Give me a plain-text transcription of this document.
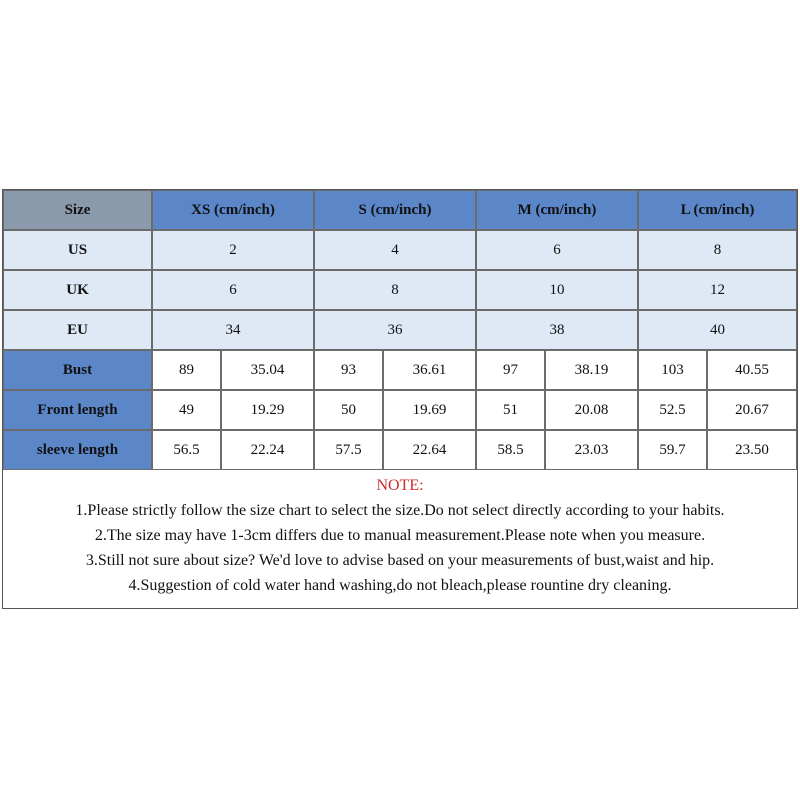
Size	XS (cm/inch)	S (cm/inch)	M (cm/inch)	L (cm/inch)
US	2	4	6	8
UK	6	8	10	12
EU	34	36	38	40
Bust	89	35.04	93	36.61	97	38.19	103	40.55
Front length	49	19.29	50	19.69	51	20.08	52.5	20.67
sleeve length	56.5	22.24	57.5	22.64	58.5	23.03	59.7	23.50
NOTE:
1.Please strictly follow the size chart to select the size.Do not select directly according to your habits.
2.The size may have 1-3cm differs due to manual measurement.Please note when you measure.
3.Still not sure about size? We'd love to advise based on your measurements of bust,waist and hip.
4.Suggestion of cold water hand washing,do not bleach,please rountine dry cleaning.
